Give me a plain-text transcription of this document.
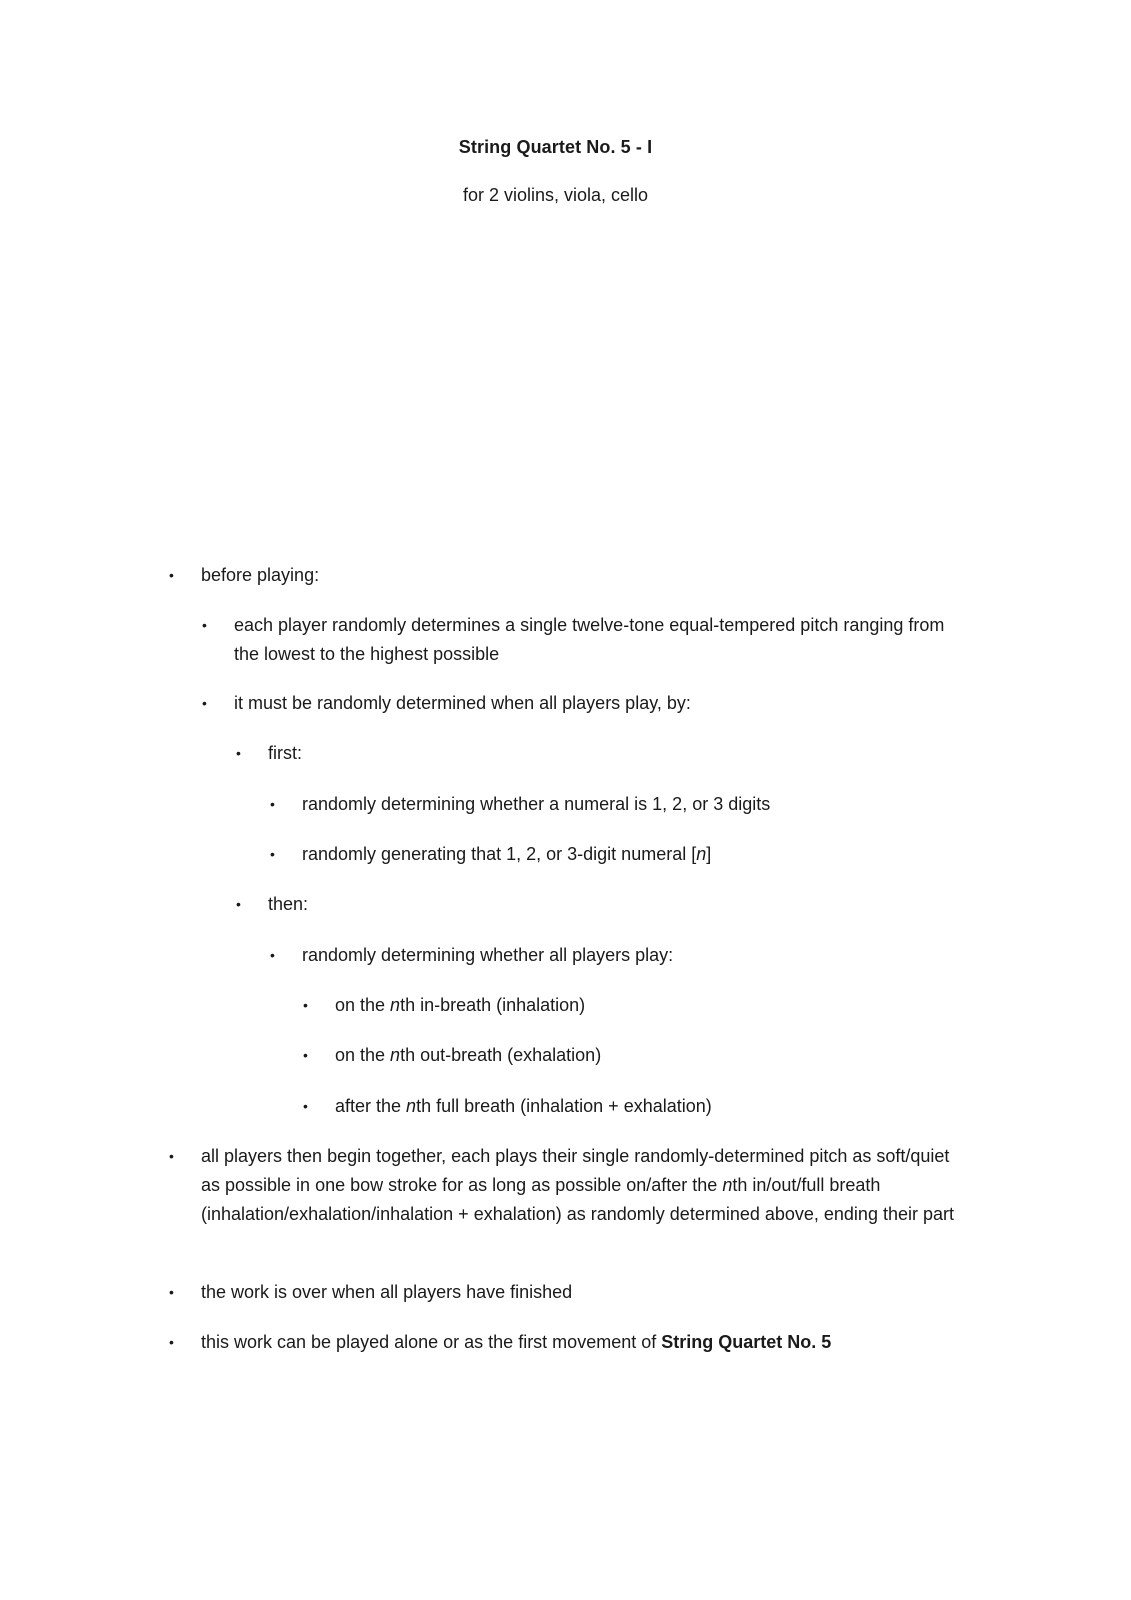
String Quartet No. 5 - I
for 2 violins, viola, cello
• before playing:
• each player randomly determines a single twelve-tone equal-tempered pitch ranging from the lowest to the highest possible
• it must be randomly determined when all players play, by:
• first:
• randomly determining whether a numeral is 1, 2, or 3 digits
• randomly generating that 1, 2, or 3-digit numeral [n]
• then:
• randomly determining whether all players play:
• on the nth in-breath (inhalation)
• on the nth out-breath (exhalation)
• after the nth full breath (inhalation + exhalation)
• all players then begin together, each plays their single randomly-determined pitch as soft/quiet as possible in one bow stroke for as long as possible on/after the nth in/out/full breath (inhalation/exhalation/inhalation + exhalation) as randomly determined above, ending their part
• the work is over when all players have finished
• this work can be played alone or as the first movement of String Quartet No. 5
